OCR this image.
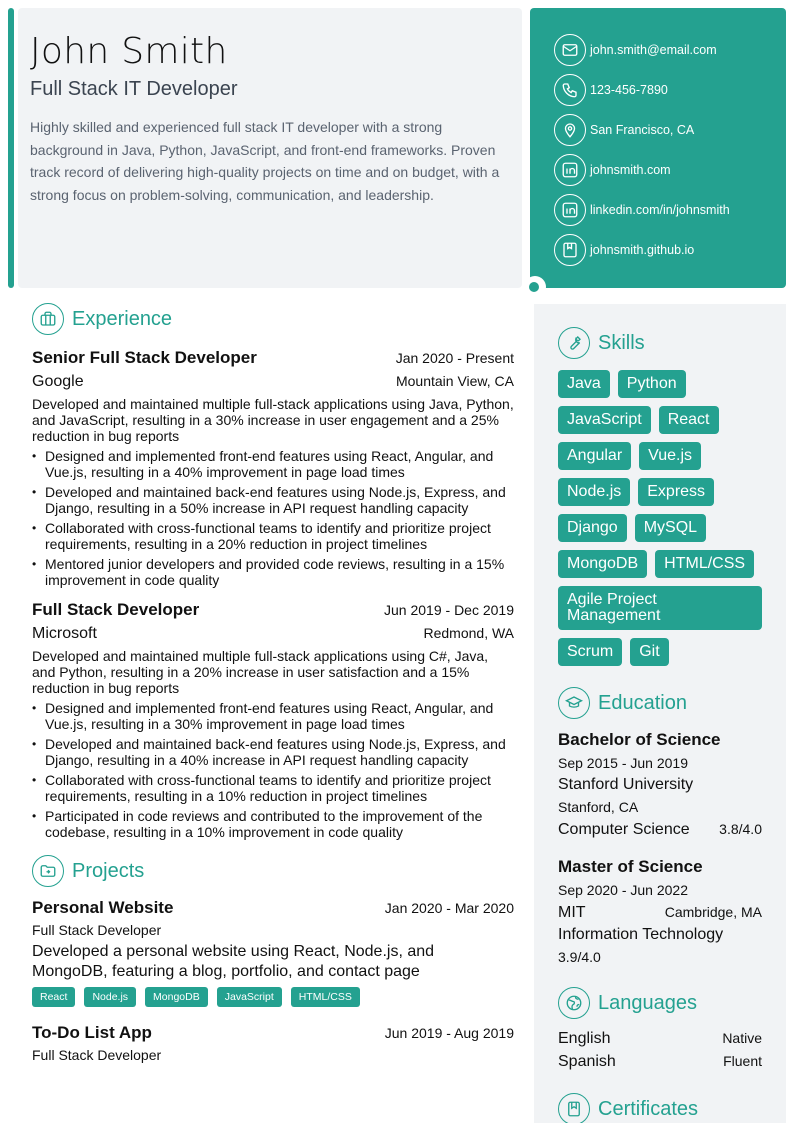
John Smith
Full Stack IT Developer

Highly skilled and experienced full stack IT developer with a strong background in Java, Python, JavaScript, and front-end frameworks. Proven track record of delivering high-quality projects on time and on budget, with a strong focus on problem-solving, communication, and leadership.

john.smith@email.com
123-456-7890
San Francisco, CA
johnsmith.com
linkedin.com/in/johnsmith
johnsmith.github.io
Experience
Senior Full Stack Developer	Jan 2020 - Present
Google	Mountain View, CA

Developed and maintained multiple full-stack applications using Java, Python, and JavaScript, resulting in a 30% increase in user engagement and a 25% reduction in bug reports

• Designed and implemented front-end features using React, Angular, and Vue.js, resulting in a 40% improvement in page load times
• Developed and maintained back-end features using Node.js, Express, and Django, resulting in a 50% increase in API request handling capacity
• Collaborated with cross-functional teams to identify and prioritize project requirements, resulting in a 20% reduction in project timelines
• Mentored junior developers and provided code reviews, resulting in a 15% improvement in code quality
Full Stack Developer	Jun 2019 - Dec 2019
Microsoft	Redmond, WA

Developed and maintained multiple full-stack applications using C#, Java, and Python, resulting in a 20% increase in user satisfaction and a 15% reduction in bug reports

• Designed and implemented front-end features using React, Angular, and Vue.js, resulting in a 30% improvement in page load times
• Developed and maintained back-end features using Node.js, Express, and Django, resulting in a 40% increase in API request handling capacity
• Collaborated with cross-functional teams to identify and prioritize project requirements, resulting in a 10% reduction in project timelines
• Participated in code reviews and contributed to the improvement of the codebase, resulting in a 10% improvement in code quality
Projects
Personal Website	Jan 2020 - Mar 2020
Full Stack Developer

Developed a personal website using React, Node.js, and MongoDB, featuring a blog, portfolio, and contact page

React	Node.js	MongoDB	JavaScript	HTML/CSS
To-Do List App	Jun 2019 - Aug 2019
Full Stack Developer
Skills
Java	Python
JavaScript	React
Angular	Vue.js
Node.js	Express
Django	MySQL
MongoDB	HTML/CSS
Agile Project Management
Scrum	Git
Education
Bachelor of Science
Sep 2015 - Jun 2019
Stanford University
Stanford, CA
Computer Science 3.8/4.0
Master of Science
Sep 2020 - Jun 2022
MIT	Cambridge, MA
Information Technology
3.9/4.0
Languages
English	Native
Spanish	Fluent
Certificates
